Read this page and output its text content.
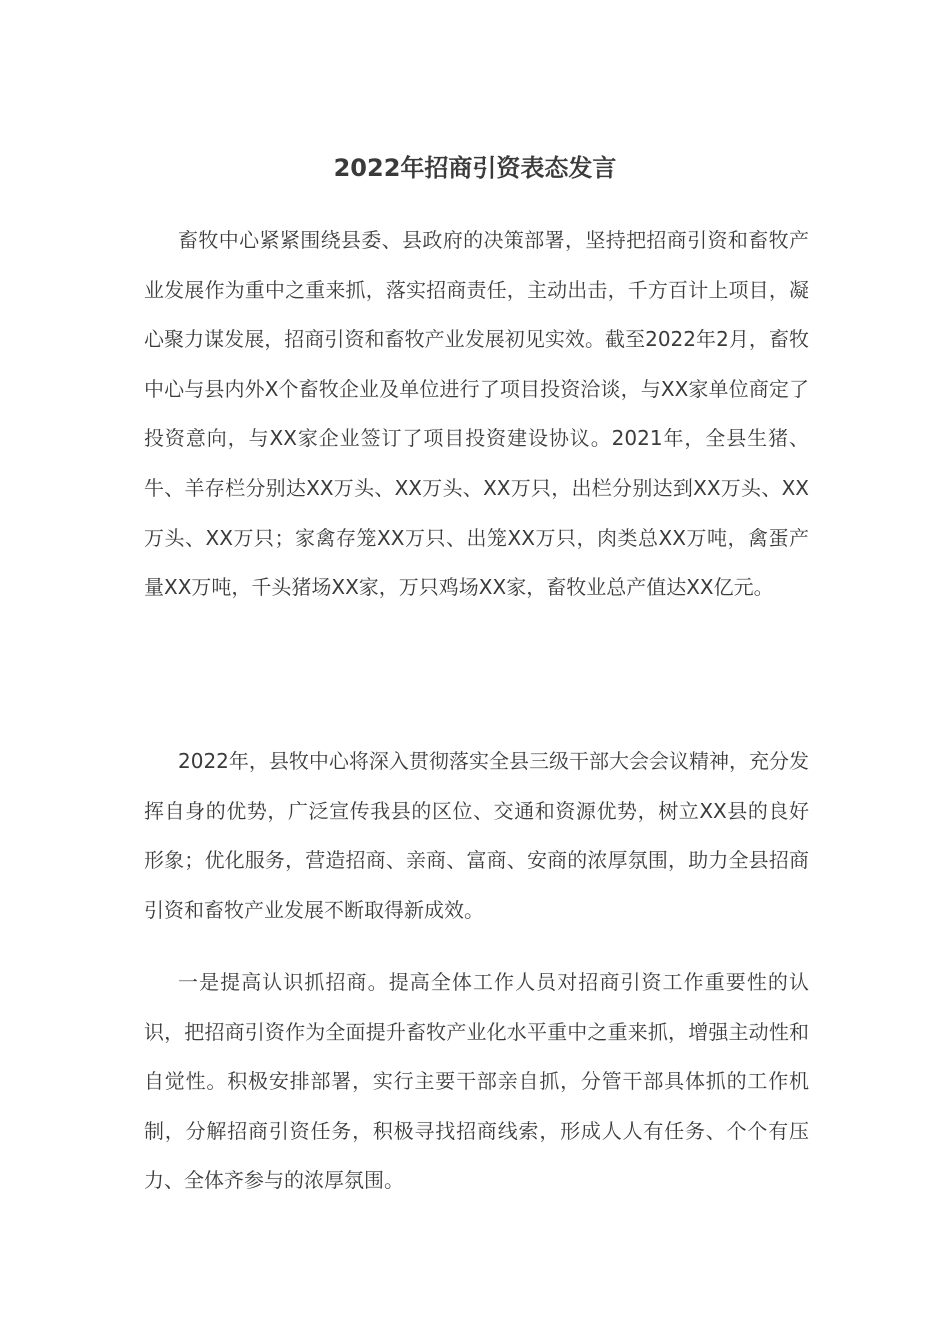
2022年招商引资表态发言

畜牧中心紧紧围绕县委、县政府的决策部署，坚持把招商引资和畜牧产业发展作为重中之重来抓，落实招商责任，主动出击，千方百计上项目，凝心聚力谋发展，招商引资和畜牧产业发展初见实效。截至2022年2月，畜牧中心与县内外X个畜牧企业及单位进行了项目投资洽谈，与XX家单位商定了投资意向，与XX家企业签订了项目投资建设协议。2021年，全县生猪、牛、羊存栏分别达XX万头、XX万头、XX万只，出栏分别达到XX万头、XX万头、XX万只；家禽存笼XX万只、出笼XX万只，肉类总XX万吨，禽蛋产量XX万吨，千头猪场XX家，万只鸡场XX家，畜牧业总产值达XX亿元。

2022年，县牧中心将深入贯彻落实全县三级干部大会会议精神，充分发挥自身的优势，广泛宣传我县的区位、交通和资源优势，树立XX县的良好形象；优化服务，营造招商、亲商、富商、安商的浓厚氛围，助力全县招商引资和畜牧产业发展不断取得新成效。

一是提高认识抓招商。提高全体工作人员对招商引资工作重要性的认识，把招商引资作为全面提升畜牧产业化水平重中之重来抓，增强主动性和自觉性。积极安排部署，实行主要干部亲自抓，分管干部具体抓的工作机制，分解招商引资任务，积极寻找招商线索，形成人人有任务、个个有压力、全体齐参与的浓厚氛围。
